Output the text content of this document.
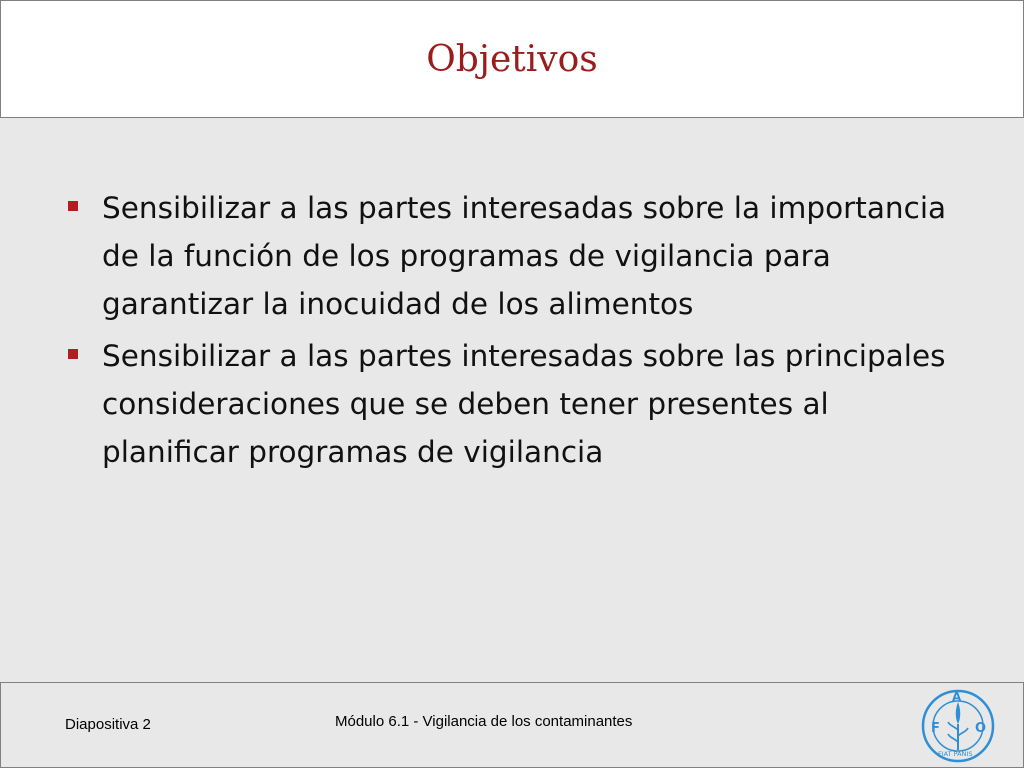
Objetivos
Sensibilizar a las partes interesadas sobre la importancia de la función de los programas de vigilancia para garantizar la inocuidad de los alimentos
Sensibilizar a las partes interesadas sobre las principales consideraciones que se deben tener presentes al planificar programas de vigilancia
Diapositiva 2	Módulo 6.1 - Vigilancia de los contaminantes	F
A
O
FIAT PANIS
